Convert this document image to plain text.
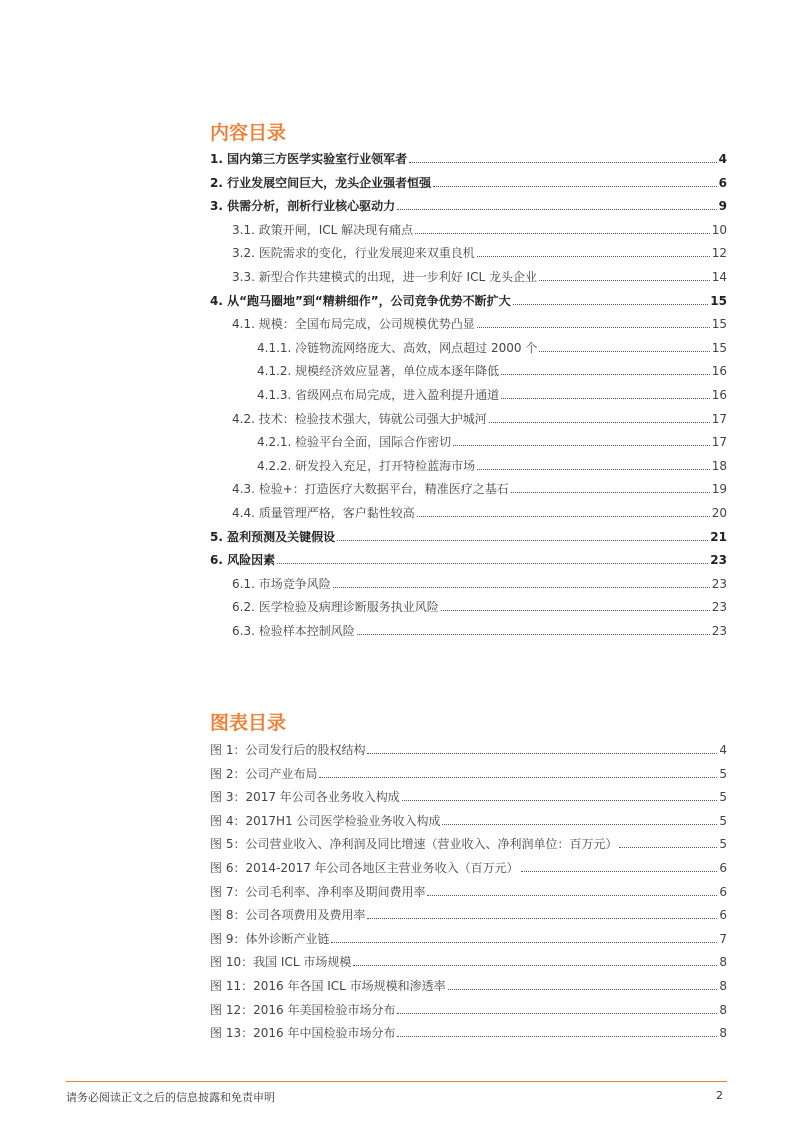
内容目录
1. 国内第三方医学实验室行业领军者	4
2. 行业发展空间巨大，龙头企业强者恒强	6
3. 供需分析，剖析行业核心驱动力	9
3.1. 政策开闸，ICL 解决现有痛点	10
3.2. 医院需求的变化，行业发展迎来双重良机	12
3.3. 新型合作共建模式的出现，进一步利好 ICL 龙头企业	14
4. 从“跑马圈地”到“精耕细作”，公司竞争优势不断扩大	15
4.1. 规模：全国布局完成，公司规模优势凸显	15
4.1.1. 冷链物流网络庞大、高效，网点超过 2000 个	15
4.1.2. 规模经济效应显著，单位成本逐年降低	16
4.1.3. 省级网点布局完成，进入盈利提升通道	16
4.2. 技术：检验技术强大，铸就公司强大护城河	17
4.2.1. 检验平台全面，国际合作密切	17
4.2.2. 研发投入充足，打开特检蓝海市场	18
4.3. 检验+：打造医疗大数据平台，精准医疗之基石	19
4.4. 质量管理严格，客户黏性较高	20
5. 盈利预测及关键假设	21
6. 风险因素	23
6.1. 市场竞争风险	23
6.2. 医学检验及病理诊断服务执业风险	23
6.3. 检验样本控制风险	23
图表目录
图 1：公司发行后的股权结构	4
图 2：公司产业布局	5
图 3：2017 年公司各业务收入构成	5
图 4：2017H1 公司医学检验业务收入构成	5
图 5：公司营业收入、净利润及同比增速（营业收入、净利润单位：百万元）	5
图 6：2014-2017 年公司各地区主营业务收入（百万元）	6
图 7：公司毛利率、净利率及期间费用率	6
图 8：公司各项费用及费用率	6
图 9：体外诊断产业链	7
图 10：我国 ICL 市场规模	8
图 11：2016 年各国 ICL 市场规模和渗透率	8
图 12：2016 年美国检验市场分布	8
图 13：2016 年中国检验市场分布	8
请务必阅读正文之后的信息披露和免责申明	2
